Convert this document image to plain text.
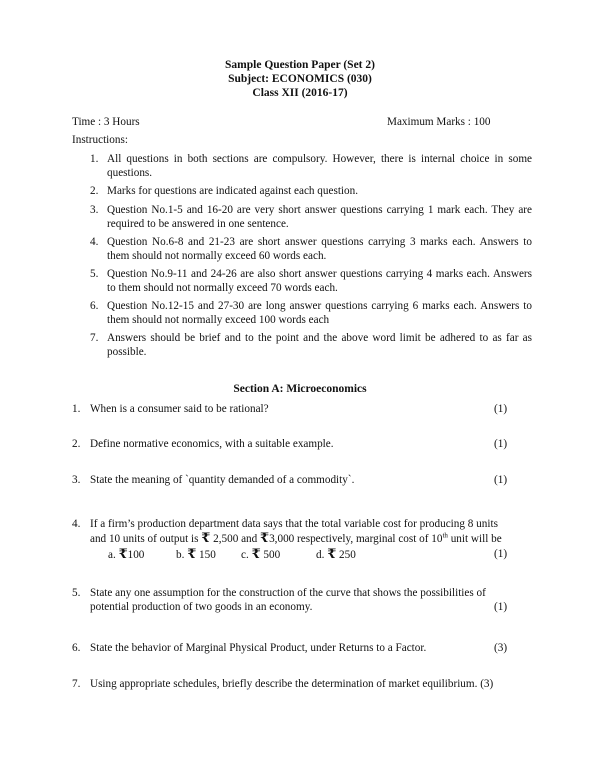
Sample Question Paper (Set 2)
Subject: ECONOMICS (030)
Class XII (2016-17)
Time : 3 Hours	Maximum Marks : 100
Instructions:
1. All questions in both sections are compulsory. However, there is internal choice in some questions.
2. Marks for questions are indicated against each question.
3. Question No.1-5 and 16-20 are very short answer questions carrying 1 mark each. They are required to be answered in one sentence.
4. Question No.6-8 and 21-23 are short answer questions carrying 3 marks each. Answers to them should not normally exceed 60 words each.
5. Question No.9-11 and 24-26 are also short answer questions carrying 4 marks each. Answers to them should not normally exceed 70 words each.
6. Question No.12-15 and 27-30 are long answer questions carrying 6 marks each. Answers to them should not normally exceed 100 words each
7. Answers should be brief and to the point and the above word limit be adhered to as far as possible.
Section A: Microeconomics
1. When is a consumer said to be rational?	(1)
2. Define normative economics, with a suitable example.	(1)
3. State the meaning of `quantity demanded of a commodity`.	(1)
4. If a firm’s production department data says that the total variable cost for producing 8 units
and 10 units of output is ₹ 2,500 and ₹3,000 respectively, marginal cost of 10th unit will be
a. ₹100	b. ₹ 150 c. ₹ 500	d. ₹ 250	(1)
5. State any one assumption for the construction of the curve that shows the possibilities of
potential production of two goods in an economy.	(1)
6. State the behavior of Marginal Physical Product, under Returns to a Factor.	(3)
7. Using appropriate schedules, briefly describe the determination of market equilibrium. (3)
